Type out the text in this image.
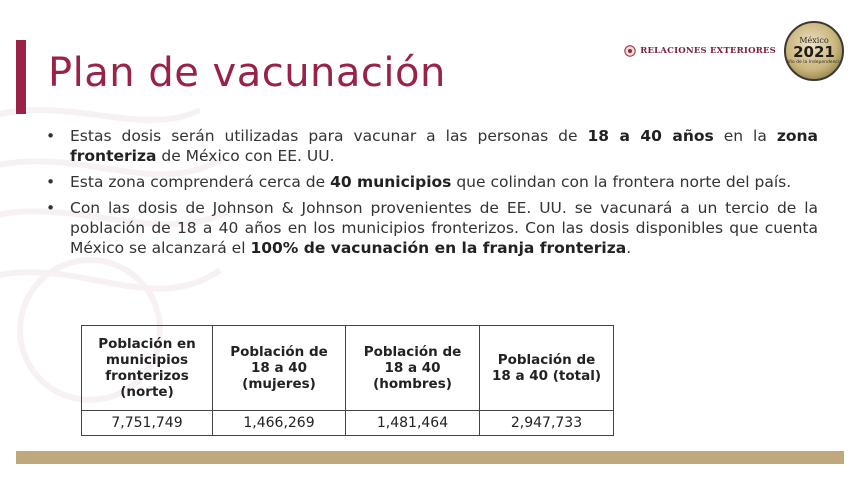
Plan de vacunación	RELACIONES EXTERIORES
México
2021
Año de la Independencia
• Estas dosis serán utilizadas para vacunar a las personas de 18 a 40 años en la zona fronteriza de México con EE. UU.
• Esta zona comprenderá cerca de 40 municipios que colindan con la frontera norte del país.
• Con las dosis de Johnson & Johnson provenientes de EE. UU. se vacunará a un tercio de la población de 18 a 40 años en los municipios fronterizos. Con las dosis disponibles que cuenta México se alcanzará el 100% de vacunación en la franja fronteriza.
Población en municipios fronterizos (norte)	Población de 18 a 40 (mujeres)	Población de 18 a 40 (hombres)	Población de 18 a 40 (total)
7,751,749	1,466,269	1,481,464	2,947,733
